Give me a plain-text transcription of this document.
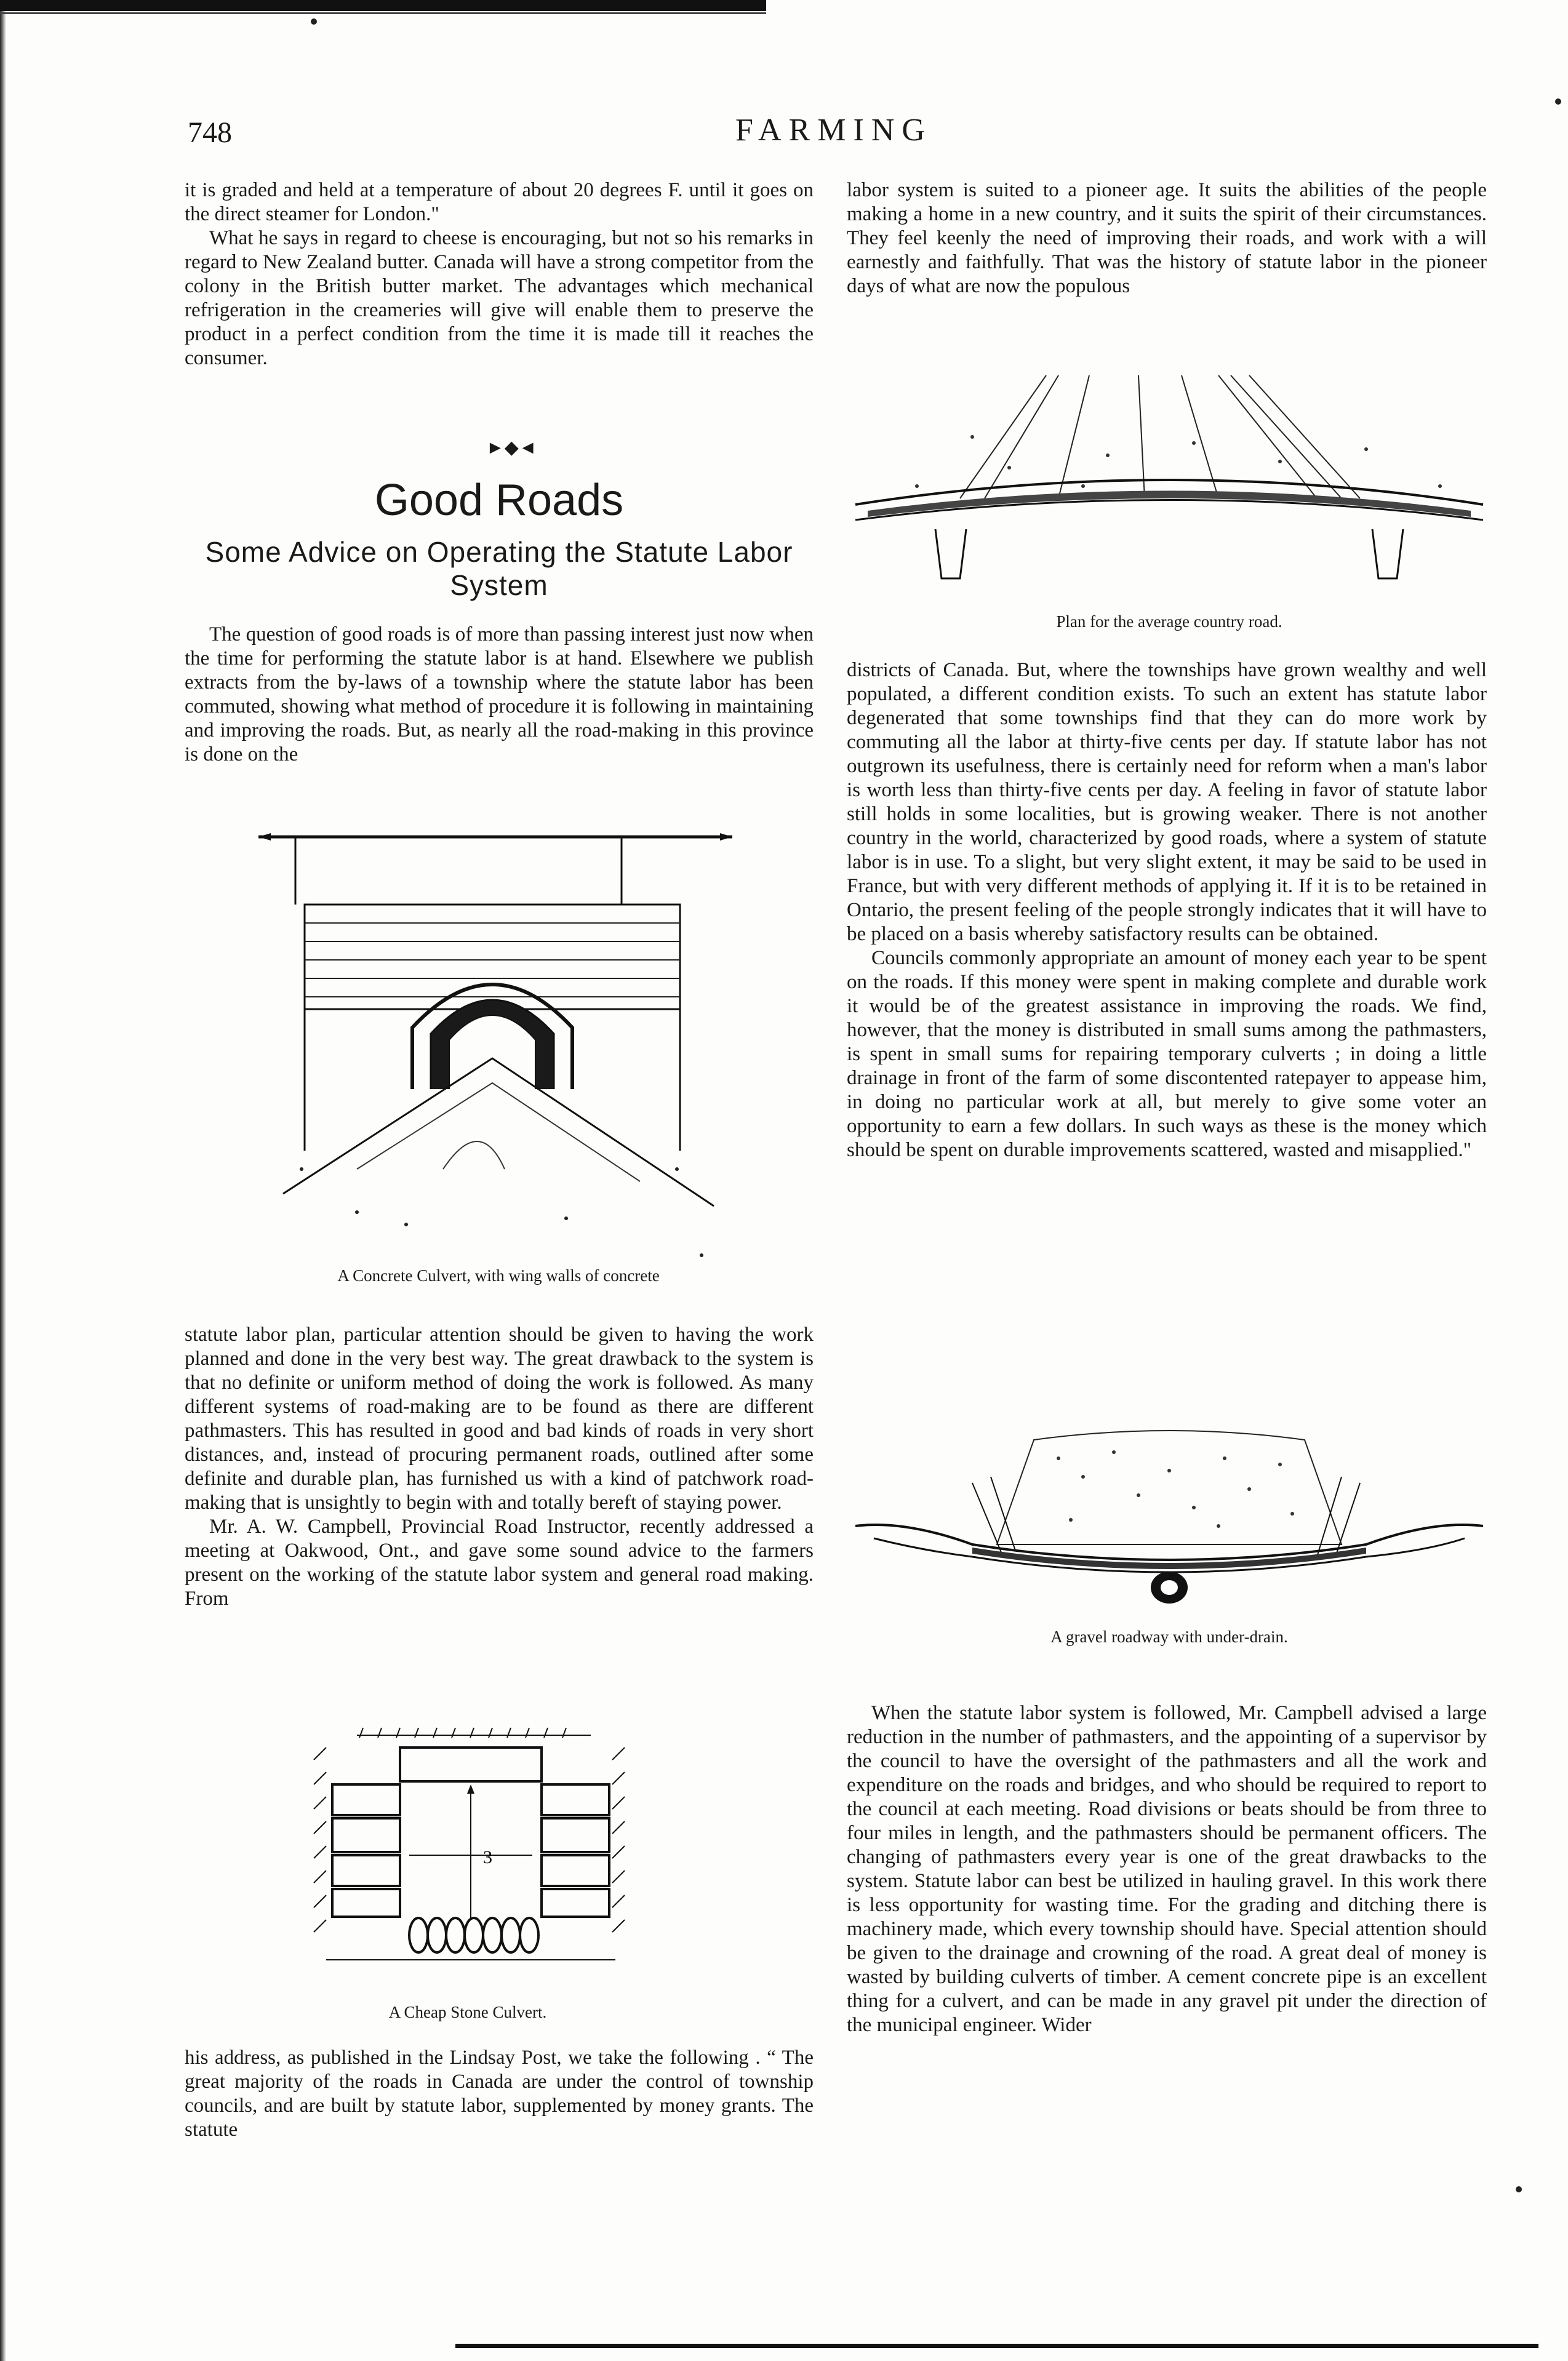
748	FARMING

it is graded and held at a temperature of about 20 degrees F. until it goes on the direct steamer for London."

What he says in regard to cheese is encouraging, but not so his remarks in regard to New Zealand butter. Canada will have a strong competitor from the colony in the British butter market. The advantages which mechanical refrigeration in the creameries will give will enable them to preserve the product in a perfect condition from the time it is made till it reaches the consumer.

►◆◄
Good Roads
Some Advice on Operating the Statute Labor System

The question of good roads is of more than passing interest just now when the time for performing the statute labor is at hand. Elsewhere we publish extracts from the by-laws of a township where the statute labor has been commuted, showing what method of procedure it is following in maintaining and improving the roads. But, as nearly all the road-making in this province is done on the

A Concrete Culvert, with wing walls of concrete

statute labor plan, particular attention should be given to having the work planned and done in the very best way. The great drawback to the system is that no definite or uniform method of doing the work is followed. As many different systems of road-making are to be found as there are different pathmasters. This has resulted in good and bad kinds of roads in very short distances, and, instead of procuring permanent roads, outlined after some definite and durable plan, has furnished us with a kind of patchwork road-making that is unsightly to begin with and totally bereft of staying power.

Mr. A. W. Campbell, Provincial Road Instructor, recently addressed a meeting at Oakwood, Ont., and gave some sound advice to the farmers present on the working of the statute labor system and general road making. From

3
A Cheap Stone Culvert.

his address, as published in the Lindsay Post, we take the following . “ The great majority of the roads in Canada are under the control of township councils, and are built by statute labor, supplemented by money grants. The statute

labor system is suited to a pioneer age. It suits the abilities of the people making a home in a new country, and it suits the spirit of their circumstances. They feel keenly the need of improving their roads, and work with a will earnestly and faithfully. That was the history of statute labor in the pioneer days of what are now the populous

Plan for the average country road.

districts of Canada. But, where the townships have grown wealthy and well populated, a different condition exists. To such an extent has statute labor degenerated that some townships find that they can do more work by commuting all the labor at thirty-five cents per day. If statute labor has not outgrown its usefulness, there is certainly need for reform when a man's labor is worth less than thirty-five cents per day. A feeling in favor of statute labor still holds in some localities, but is growing weaker. There is not another country in the world, characterized by good roads, where a system of statute labor is in use. To a slight, but very slight extent, it may be said to be used in France, but with very different methods of applying it. If it is to be retained in Ontario, the present feeling of the people strongly indicates that it will have to be placed on a basis whereby satisfactory results can be obtained.

Councils commonly appropriate an amount of money each year to be spent on the roads. If this money were spent in making complete and durable work it would be of the greatest assistance in improving the roads. We find, however, that the money is distributed in small sums among the pathmasters, is spent in small sums for repairing temporary culverts ; in doing a little drainage in front of the farm of some discontented ratepayer to appease him, in doing no particular work at all, but merely to give some voter an opportunity to earn a few dollars. In such ways as these is the money which should be spent on durable improvements scattered, wasted and misapplied."

A gravel roadway with under-drain.

When the statute labor system is followed, Mr. Campbell advised a large reduction in the number of pathmasters, and the appointing of a supervisor by the council to have the oversight of the pathmasters and all the work and expenditure on the roads and bridges, and who should be required to report to the council at each meeting. Road divisions or beats should be from three to four miles in length, and the pathmasters should be permanent officers. The changing of pathmasters every year is one of the great drawbacks to the system. Statute labor can best be utilized in hauling gravel. In this work there is less opportunity for wasting time. For the grading and ditching there is machinery made, which every township should have. Special attention should be given to the drainage and crowning of the road. A great deal of money is wasted by building culverts of timber. A cement concrete pipe is an excellent thing for a culvert, and can be made in any gravel pit under the direction of the municipal engineer. Wider
